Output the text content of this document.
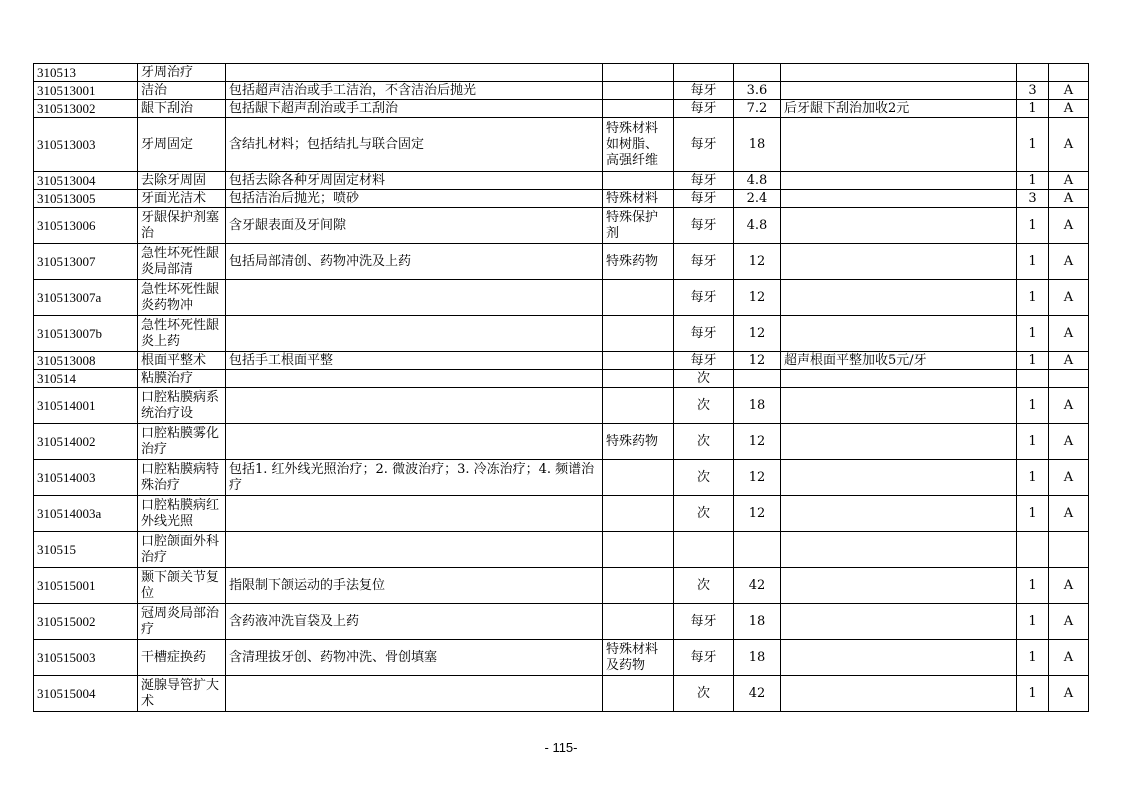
310513	牙周治疗							
310513001	洁治	包括超声洁治或手工洁治，不含洁治后抛光		每牙	3.6		3	A
310513002	龈下刮治	包括龈下超声刮治或手工刮治		每牙	7.2	后牙龈下刮治加收2元	1	A
310513003	牙周固定	含结扎材料；包括结扎与联合固定	特殊材料如树脂、高强纤维	每牙	18		1	A
310513004	去除牙周固	包括去除各种牙周固定材料		每牙	4.8		1	A
310513005	牙面光洁术	包括洁治后抛光；喷砂	特殊材料	每牙	2.4		3	A
310513006	牙龈保护剂塞治	含牙龈表面及牙间隙	特殊保护剂	每牙	4.8		1	A
310513007	急性坏死性龈炎局部清	包括局部清创、药物冲洗及上药	特殊药物	每牙	12		1	A
310513007a	急性坏死性龈炎药物冲			每牙	12		1	A
310513007b	急性坏死性龈炎上药			每牙	12		1	A
310513008	根面平整术	包括手工根面平整		每牙	12	超声根面平整加收5元/牙	1	A
310514	粘膜治疗			次				
310514001	口腔粘膜病系统治疗设			次	18		1	A
310514002	口腔粘膜雾化治疗		特殊药物	次	12		1	A
310514003	口腔粘膜病特殊治疗	包括1. 红外线光照治疗；2. 微波治疗；3. 冷冻治疗；4. 频谱治疗		次	12		1	A
310514003a	口腔粘膜病红外线光照			次	12		1	A
310515	口腔颌面外科治疗							
310515001	颞下颌关节复位	指限制下颌运动的手法复位		次	42		1	A
310515002	冠周炎局部治疗	含药液冲洗盲袋及上药		每牙	18		1	A
310515003	干槽症换药	含清理拔牙创、药物冲洗、骨创填塞	特殊材料及药物	每牙	18		1	A
310515004	涎腺导管扩大术			次	42		1	A
- 115-
